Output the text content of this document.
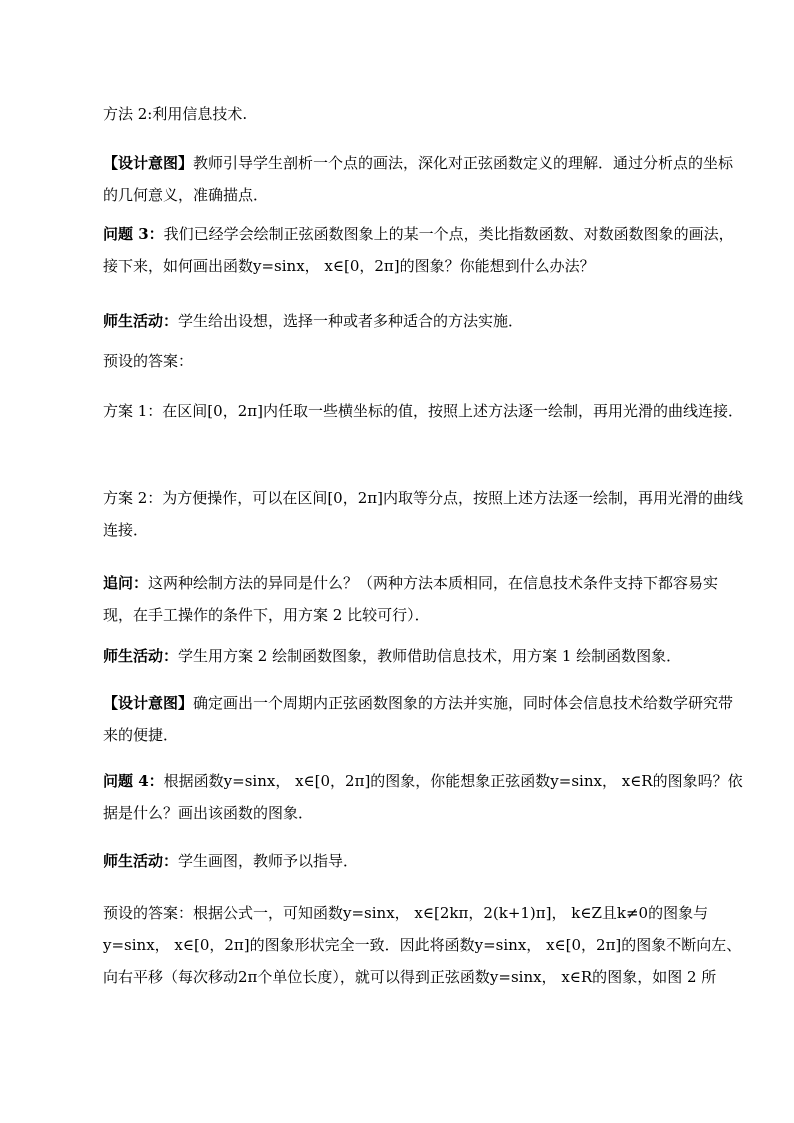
方法 2:利用信息技术.

【设计意图】教师引导学生剖析一个点的画法，深化对正弦函数定义的理解．通过分析点的坐标的几何意义，准确描点．

问题 3：我们已经学会绘制正弦函数图象上的某一个点，类比指数函数、对数函数图象的画法，接下来，如何画出函数y=sinx， x∈[0，2π]的图象？你能想到什么办法？

师生活动：学生给出设想，选择一种或者多种适合的方法实施．

预设的答案：

方案 1：在区间[0，2π]内任取一些横坐标的值，按照上述方法逐一绘制，再用光滑的曲线连接．

方案 2：为方便操作，可以在区间[0，2π]内取等分点，按照上述方法逐一绘制，再用光滑的曲线连接．

追问：这两种绘制方法的异同是什么？（两种方法本质相同，在信息技术条件支持下都容易实现，在手工操作的条件下，用方案 2 比较可行）．

师生活动：学生用方案 2 绘制函数图象，教师借助信息技术，用方案 1 绘制函数图象．

【设计意图】确定画出一个周期内正弦函数图象的方法并实施，同时体会信息技术给数学研究带来的便捷．

问题 4：根据函数y=sinx， x∈[0，2π]的图象，你能想象正弦函数y=sinx， x∈R的图象吗？依据是什么？画出该函数的图象．

师生活动：学生画图，教师予以指导．

预设的答案：根据公式一，可知函数y=sinx， x∈[2kπ，2(k+1)π]， k∈Z且k≠0的图象与y=sinx， x∈[0，2π]的图象形状完全一致．因此将函数y=sinx， x∈[0，2π]的图象不断向左、向右平移（每次移动2π个单位长度），就可以得到正弦函数y=sinx， x∈R的图象，如图 2 所
